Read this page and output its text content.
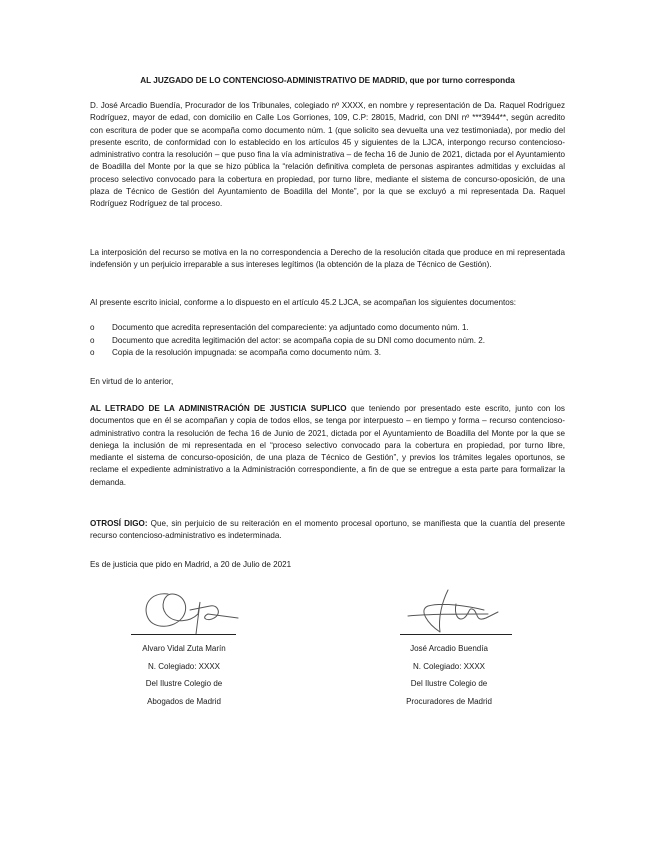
AL JUZGADO DE LO CONTENCIOSO-ADMINISTRATIVO DE MADRID, que por turno corresponda
D. José Arcadio Buendía, Procurador de los Tribunales, colegiado nº XXXX, en nombre y representación de Da. Raquel Rodríguez Rodríguez, mayor de edad, con domicilio en Calle Los Gorriones, 109, C.P: 28015, Madrid, con DNI nº ***3944**, según acredito con escritura de poder que se acompaña como documento núm. 1 (que solicito sea devuelta una vez testimoniada), por medio del presente escrito, de conformidad con lo establecido en los artículos 45 y siguientes de la LJCA, interpongo recurso contencioso-administrativo contra la resolución – que puso fina la vía administrativa – de fecha 16 de Junio de 2021, dictada por el Ayuntamiento de Boadilla del Monte por la que se hizo pública la “relación definitiva completa de personas aspirantes admitidas y excluidas al proceso selectivo convocado para la cobertura en propiedad, por turno libre, mediante el sistema de concurso-oposición, de una plaza de Técnico de Gestión del Ayuntamiento de Boadilla del Monte”, por la que se excluyó a mi representada Da. Raquel Rodríguez Rodríguez de tal proceso.
La interposición del recurso se motiva en la no correspondencia a Derecho de la resolución citada que produce en mi representada indefensión y un perjuicio irreparable a sus intereses legítimos (la obtención de la plaza de Técnico de Gestión).
Al presente escrito inicial, conforme a lo dispuesto en el artículo 45.2 LJCA, se acompañan los siguientes documentos:
o Documento que acredita representación del compareciente: ya adjuntado como documento núm. 1.
o Documento que acredita legitimación del actor: se acompaña copia de su DNI como documento núm. 2.
o Copia de la resolución impugnada: se acompaña como documento núm. 3.
En virtud de lo anterior,
AL LETRADO DE LA ADMINISTRACIÓN DE JUSTICIA SUPLICO que teniendo por presentado este escrito, junto con los documentos que en él se acompañan y copia de todos ellos, se tenga por interpuesto – en tiempo y forma – recurso contencioso-administrativo contra la resolución de fecha 16 de Junio de 2021, dictada por el Ayuntamiento de Boadilla del Monte por la que se deniega la inclusión de mi representada en el “proceso selectivo convocado para la cobertura en propiedad, por turno libre, mediante el sistema de concurso-oposición, de una plaza de Técnico de Gestión”, y previos los trámites legales oportunos, se reclame el expediente administrativo a la Administración correspondiente, a fin de que se entregue a esta parte para formalizar la demanda.
OTROSÍ DIGO: Que, sin perjuicio de su reiteración en el momento procesal oportuno, se manifiesta que la cuantía del presente recurso contencioso-administrativo es indeterminada.
Es de justicia que pido en Madrid, a 20 de Julio de 2021
Alvaro Vidal Zuta Marín
N. Colegiado: XXXX
Del Ilustre Colegio de
Abogados de Madrid
José Arcadio Buendía
N. Colegiado: XXXX
Del Ilustre Colegio de
Procuradores de Madrid
